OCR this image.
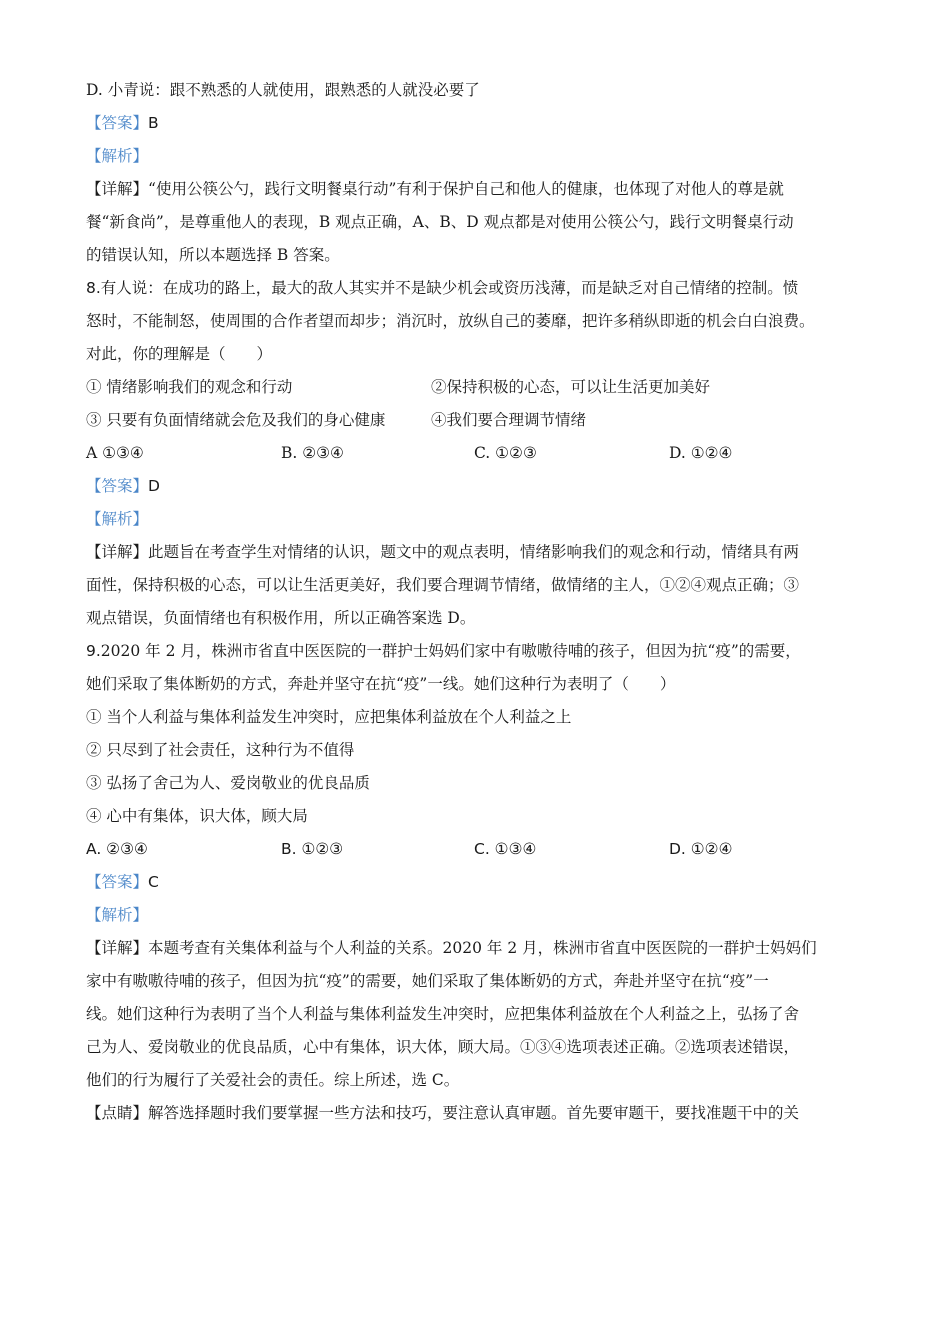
D. 小青说：跟不熟悉的人就使用，跟熟悉的人就没必要了
【答案】B
【解析】
【详解】“使用公筷公勺，践行文明餐桌行动”有利于保护自己和他人的健康，也体现了对他人的尊是就
餐“新食尚”，是尊重他人的表现，B 观点正确，A、B、D 观点都是对使用公筷公勺，践行文明餐桌行动
的错误认知，所以本题选择 B 答案。
8.有人说：在成功的路上，最大的敌人其实并不是缺少机会或资历浅薄，而是缺乏对自己情绪的控制。愤
怒时，不能制怒，使周围的合作者望而却步；消沉时，放纵自己的萎靡，把许多稍纵即逝的机会白白浪费。
对此，你的理解是（　　）
① 情绪影响我们的观念和行动	②保持积极的心态，可以让生活更加美好
③ 只要有负面情绪就会危及我们的身心健康	④我们要合理调节情绪
A ①③④	B. ②③④	C. ①②③	D. ①②④
【答案】D
【解析】
【详解】此题旨在考查学生对情绪的认识，题文中的观点表明，情绪影响我们的观念和行动，情绪具有两
面性，保持积极的心态，可以让生活更美好，我们要合理调节情绪，做情绪的主人，①②④观点正确；③
观点错误，负面情绪也有积极作用，所以正确答案选 D。
9.2020 年 2 月，株洲市省直中医医院的一群护士妈妈们家中有嗷嗷待哺的孩子，但因为抗“疫”的需要，
她们采取了集体断奶的方式，奔赴并坚守在抗“疫”一线。她们这种行为表明了（　　）
① 当个人利益与集体利益发生冲突时，应把集体利益放在个人利益之上
② 只尽到了社会责任，这种行为不值得
③ 弘扬了舍己为人、爱岗敬业的优良品质
④ 心中有集体，识大体，顾大局
A. ②③④	B. ①②③	C. ①③④	D. ①②④
【答案】C
【解析】
【详解】本题考查有关集体利益与个人利益的关系。2020 年 2 月，株洲市省直中医医院的一群护士妈妈们
家中有嗷嗷待哺的孩子，但因为抗“疫”的需要，她们采取了集体断奶的方式，奔赴并坚守在抗“疫”一
线。她们这种行为表明了当个人利益与集体利益发生冲突时，应把集体利益放在个人利益之上，弘扬了舍
己为人、爱岗敬业的优良品质，心中有集体，识大体，顾大局。①③④选项表述正确。②选项表述错误，
他们的行为履行了关爱社会的责任。综上所述，选 C。
【点睛】解答选择题时我们要掌握一些方法和技巧，要注意认真审题。首先要审题干，要找准题干中的关
